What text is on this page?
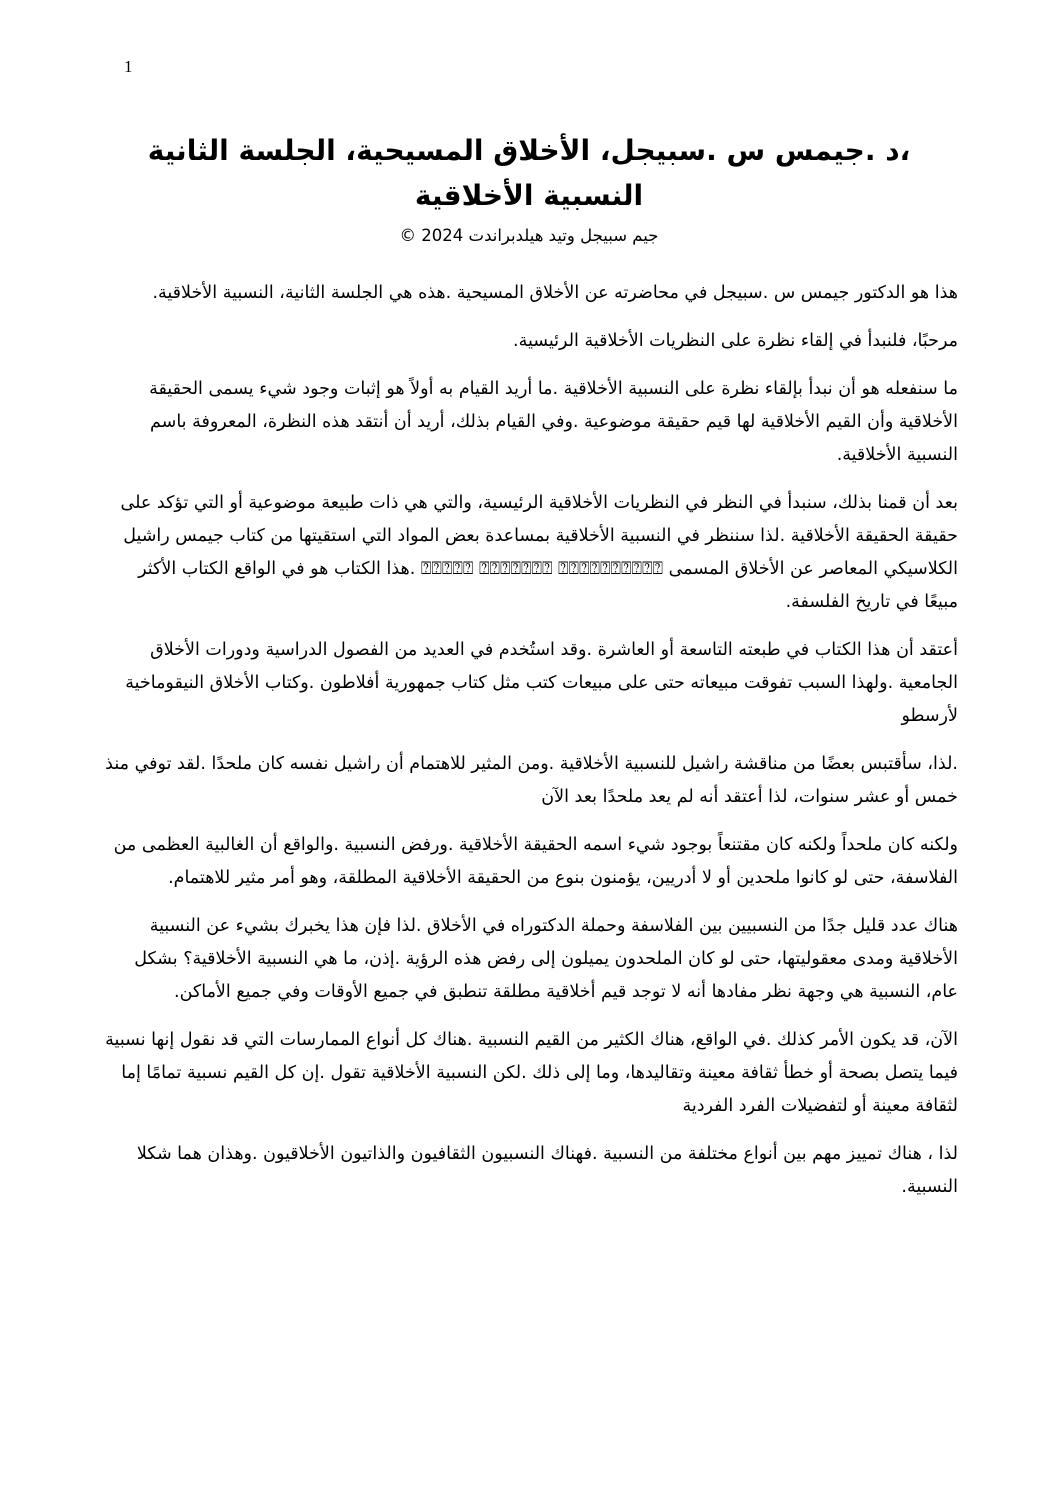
1
،د .جيمس س .سبيجل، الأخلاق المسيحية، الجلسة الثانية
النسبية الأخلاقية
جيم سبيجل وتيد هيلدبراندت 2024 ©

هذا هو الدكتور جيمس س .سبيجل في محاضرته عن الأخلاق المسيحية .هذه هي الجلسة الثانية، النسبية الأخلاقية.

مرحبًا، فلنبدأ في إلقاء نظرة على النظريات الأخلاقية الرئيسية.

ما سنفعله هو أن نبدأ بإلقاء نظرة على النسبية الأخلاقية .ما أريد القيام به أولاً هو إثبات وجود شيء يسمى الحقيقة الأخلاقية وأن القيم الأخلاقية لها قيم حقيقة موضوعية .وفي القيام بذلك، أريد أن أنتقد هذه النظرة، المعروفة باسم النسبية الأخلاقية.

بعد أن قمنا بذلك، سنبدأ في النظر في النظريات الأخلاقية الرئيسية، والتي هي ذات طبيعة موضوعية أو التي تؤكد على حقيقة الحقيقة الأخلاقية .لذا سننظر في النسبية الأخلاقية بمساعدة بعض المواد التي استقيتها من كتاب جيمس راشيل الكلاسيكي المعاصر عن الأخلاق المسمى ⍰⍰⍰⍰⍰ ⍰⍰⍰⍰⍰⍰⍰ ⍰⍰⍰⍰⍰⍰⍰⍰⍰⍰ .هذا الكتاب هو في الواقع الكتاب الأكثر مبيعًا في تاريخ الفلسفة.

أعتقد أن هذا الكتاب في طبعته التاسعة أو العاشرة .وقد استُخدم في العديد من الفصول الدراسية ودورات الأخلاق الجامعية .ولهذا السبب تفوقت مبيعاته حتى على مبيعات كتب مثل كتاب جمهورية أفلاطون .وكتاب الأخلاق النيقوماخية لأرسطو

.لذا، سأقتبس بعضًا من مناقشة راشيل للنسبية الأخلاقية .ومن المثير للاهتمام أن راشيل نفسه كان ملحدًا .لقد توفي منذ خمس أو عشر سنوات، لذا أعتقد أنه لم يعد ملحدًا بعد الآن

ولكنه كان ملحداً ولكنه كان مقتنعاً بوجود شيء اسمه الحقيقة الأخلاقية .ورفض النسبية .والواقع أن الغالبية العظمى من الفلاسفة، حتى لو كانوا ملحدين أو لا أدريين، يؤمنون بنوع من الحقيقة الأخلاقية المطلقة، وهو أمر مثير للاهتمام.

هناك عدد قليل جدًا من النسبيين بين الفلاسفة وحملة الدكتوراه في الأخلاق .لذا فإن هذا يخبرك بشيء عن النسبية الأخلاقية ومدى معقوليتها، حتى لو كان الملحدون يميلون إلى رفض هذه الرؤية .إذن، ما هي النسبية الأخلاقية؟ بشكل عام، النسبية هي وجهة نظر مفادها أنه لا توجد قيم أخلاقية مطلقة تنطبق في جميع الأوقات وفي جميع الأماكن.

الآن، قد يكون الأمر كذلك .في الواقع، هناك الكثير من القيم النسبية .هناك كل أنواع الممارسات التي قد نقول إنها نسبية فيما يتصل بصحة أو خطأ ثقافة معينة وتقاليدها، وما إلى ذلك .لكن النسبية الأخلاقية تقول .إن كل القيم نسبية تمامًا إما لثقافة معينة أو لتفضيلات الفرد الفردية

لذا ، هناك تمييز مهم بين أنواع مختلفة من النسبية .فهناك النسبيون الثقافيون والذاتيون الأخلاقيون .وهذان هما شكلا النسبية.
